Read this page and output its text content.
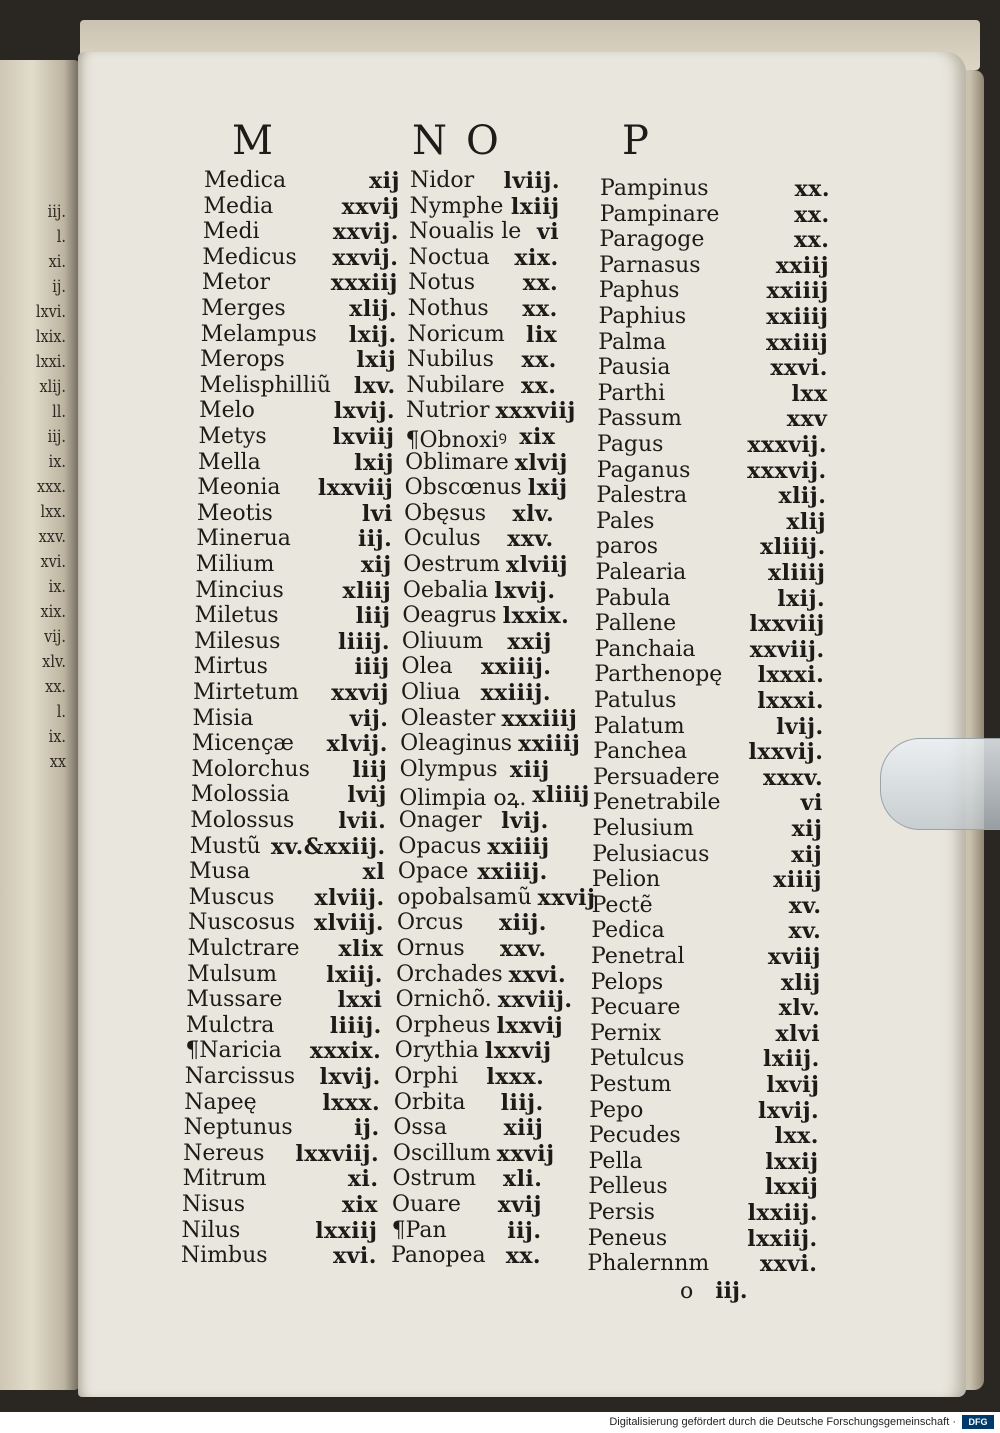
iij.
l.
xi.
ij.
lxvi.
lxix.
lxxi.
xlij.
ll.
iij.
ix.
xxx.
lxx.
xxv.
xvi.
ix.
xix.
vij.
xlv.
xx.
l.
ix.
xx
M	N O	P
Medica	xij
Media	xxvij
Medi	xxvij.
Medicus xxvij.
Metor	xxxiij
Merges	xlij.
Melampus lxij.
Merops	lxij
Melisphilliũ lxv.
Melo	lxvij.
Metys	lxviij
Mella	lxij
Meonia lxxviij
Meotis	lvi
Minerua	iij.
Milium	xij
Mincius	xliij
Miletus	liij
Milesus	liiij.
Mirtus	iiij
Mirtetum xxvij
Misia	vij.
Micençæ xlvij.
Molorchus liij
Molossia	lvij
Molossus lvii.
Mustũ xv.&xxiij.
Musa	xl
Muscus xlviij.
Nuscosus xlviij.
Mulctrare xlix
Mulsum lxiij.
Mussare	lxxi
Mulctra	liiij.
¶Naricia xxxix.
Narcissus lxvij.
Napeę	lxxx.
Neptunus	ij.
Nereus lxxviij.
Mitrum	xi.
Nisus	xix
Nilus	lxxiij
Nimbus	xvi.
Nidor lviij.
Nymphe lxiij
Noualis le vi
Noctua xix.
Notus xx.
Nothus xx.
Noricum lix
Nubilus xx.
Nubilare xx.
Nutrior xxxviij
¶Obnoxiꝰ xix
Oblimare xlvij
Obscœnus lxij
Obęsus xlv.
Oculus xxv.
Oestrum xlviij
Oebalia lxvij.
Oeagrus lxxix.
Oliuum xxij
Olea xxiiij.
Oliua xxiiij.
Oleaster xxxiiij
Oleaginus xxiiij
Olympus xiij
Olimpia oꝝ. xliiij
Onager lvij.
Opacus xxiiij
Opace xxiiij.
opobalsamũ xxvij
Orcus xiij.
Ornus xxv.
Orchades xxvi.
Ornichõ. xxviij.
Orpheus lxxvij
Orythia lxxvij
Orphi lxxx.
Orbita liij.
Ossa	xiij
Oscillum xxvij
Ostrum xli.
Ouare xvij
¶Pan	iij.
Panopea xx.
Pampinus	xx.
Pampinare	xx.
Paragoge	xx.
Parnasus	xxiij
Paphus	xxiiij
Paphius	xxiiij
Palma	xxiiij
Pausia	xxvi.
Parthi	lxx
Passum	xxv
Pagus	xxxvij.
Paganus	xxxvij.
Palestra	xlij.
Pales	xlij
paros	xliiij.
Palearia	xliiij
Pabula	lxij.
Pallene	lxxviij
Panchaia xxviij.
Parthenopę lxxxi.
Patulus	lxxxi.
Palatum	lvij.
Panchea	lxxvij.
Persuadere xxxv.
Penetrabile	vi
Pelusium	xij
Pelusiacus	xij
Pelion	xiiij
Pectẽ	xv.
Pedica	xv.
Penetral	xviij
Pelops	xlij
Pecuare	xlv.
Pernix	xlvi
Petulcus	lxiij.
Pestum	lxvij
Pepo	lxvij.
Pecudes	lxx.
Pella	lxxij
Pelleus	lxxij
Persis	lxxiij.
Peneus	lxxiij.
Phalernnm xxvi.
o iij.
Digitalisierung gefördert durch die Deutsche Forschungsgemeinschaft ·	DFG
